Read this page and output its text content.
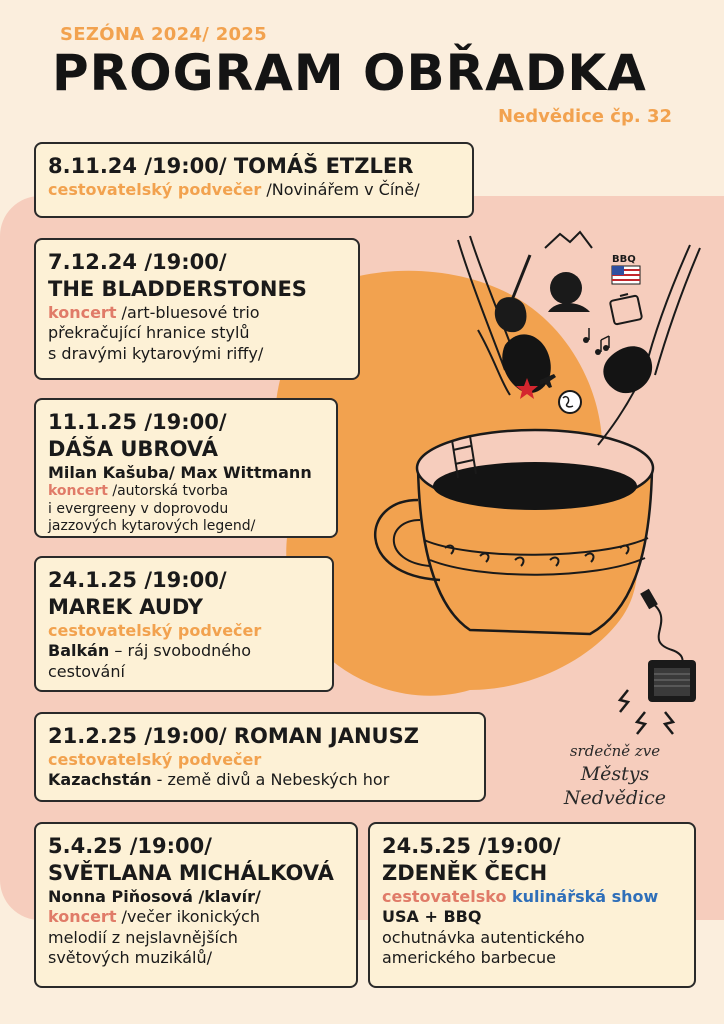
BBQ
SEZÓNA 2024/ 2025
PROGRAM OBŘADKA
Nedvědice čp. 32
8.11.24 /19:00/ TOMÁŠ ETZLER
cestovatelský podvečer /Novinářem v Číně/
7.12.24 /19:00/
THE BLADDERSTONES
koncert /art-bluesové trio
překračující hranice stylů
s dravými kytarovými riffy/
11.1.25 /19:00/
DÁŠA UBROVÁ
Milan Kašuba/ Max Wittmann
koncert /autorská tvorba
i evergreeny v doprovodu
jazzových kytarových legend/
24.1.25 /19:00/
MAREK AUDY
cestovatelský podvečer
Balkán – ráj svobodného
cestování
21.2.25 /19:00/ ROMAN JANUSZ
cestovatelský podvečer
Kazachstán - země divů a Nebeských hor
5.4.25 /19:00/
SVĚTLANA MICHÁLKOVÁ
Nonna Piňosová /klavír/
koncert /večer ikonických
melodií z nejslavnějších
světových muzikálů/
24.5.25 /19:00/
ZDENĚK ČECH
cestovatelsko kulinářská show
USA + BBQ
ochutnávka autentického
amerického barbecue
srdečně zve
Městys Nedvědice
